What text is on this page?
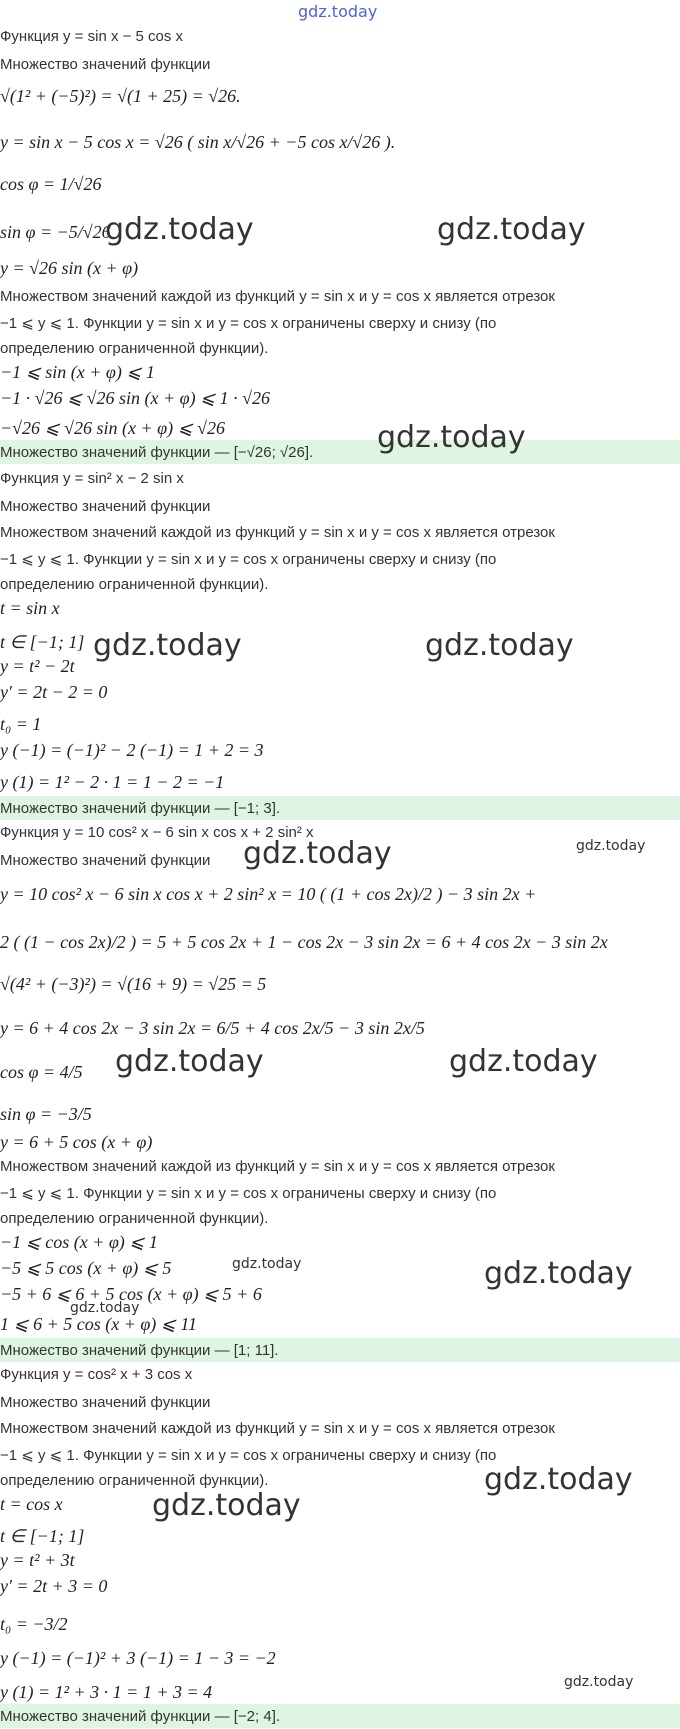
Функция y = sin x − 5 cos x
Множество значений функции
√(1² + (−5)²) = √(1 + 25) = √26.
y = sin x − 5 cos x = √26 ( sin x/√26 + −5 cos x/√26 ).
cos φ = 1/√26
sin φ = −5/√26
y = √26 sin (x + φ)
Множеством значений каждой из функций y = sin x и y = cos x является отрезок
−1 ⩽ y ⩽ 1. Функции y = sin x и y = cos x ограничены сверху и снизу (по
определению ограниченной функции).
−1 ⩽ sin (x + φ) ⩽ 1
−1 · √26 ⩽ √26 sin (x + φ) ⩽ 1 · √26
−√26 ⩽ √26 sin (x + φ) ⩽ √26
Множество значений функции — [−√26; √26].
Функция y = sin² x − 2 sin x
Множество значений функции
Множеством значений каждой из функций y = sin x и y = cos x является отрезок
−1 ⩽ y ⩽ 1. Функции y = sin x и y = cos x ограничены сверху и снизу (по
определению ограниченной функции).
t = sin x
t ∈ [−1; 1]
y = t² − 2t
y′ = 2t − 2 = 0
t₀ = 1
y (−1) = (−1)² − 2 (−1) = 1 + 2 = 3
y (1) = 1² − 2 · 1 = 1 − 2 = −1
Множество значений функции — [−1; 3].
Функция y = 10 cos² x − 6 sin x cos x + 2 sin² x
Множество значений функции
y = 10 cos² x − 6 sin x cos x + 2 sin² x = 10 ( (1 + cos 2x)/2 ) − 3 sin 2x +
2 ( (1 − cos 2x)/2 ) = 5 + 5 cos 2x + 1 − cos 2x − 3 sin 2x = 6 + 4 cos 2x − 3 sin 2x
√(4² + (−3)²) = √(16 + 9) = √25 = 5
y = 6 + 4 cos 2x − 3 sin 2x = 6/5 + 4 cos 2x/5 − 3 sin 2x/5
cos φ = 4/5
sin φ = −3/5
y = 6 + 5 cos (x + φ)
Множеством значений каждой из функций y = sin x и y = cos x является отрезок
−1 ⩽ y ⩽ 1. Функции y = sin x и y = cos x ограничены сверху и снизу (по
определению ограниченной функции).
−1 ⩽ cos (x + φ) ⩽ 1
−5 ⩽ 5 cos (x + φ) ⩽ 5
−5 + 6 ⩽ 6 + 5 cos (x + φ) ⩽ 5 + 6
1 ⩽ 6 + 5 cos (x + φ) ⩽ 11
Множество значений функции — [1; 11].
Функция y = cos² x + 3 cos x
Множество значений функции
Множеством значений каждой из функций y = sin x и y = cos x является отрезок
−1 ⩽ y ⩽ 1. Функции y = sin x и y = cos x ограничены сверху и снизу (по
определению ограниченной функции).
t = cos x
t ∈ [−1; 1]
y = t² + 3t
y′ = 2t + 3 = 0
t₀ = −3/2
y (−1) = (−1)² + 3 (−1) = 1 − 3 = −2
y (1) = 1² + 3 · 1 = 1 + 3 = 4
Множество значений функции — [−2; 4].
gdz.today
gdz.today	gdz.today
gdz.today
gdz.today	gdz.today
gdz.today	gdz.today
gdz.today	gdz.today
gdz.today
gdz.today
gdz.today
gdz.today
gdz.today
gdz.today
